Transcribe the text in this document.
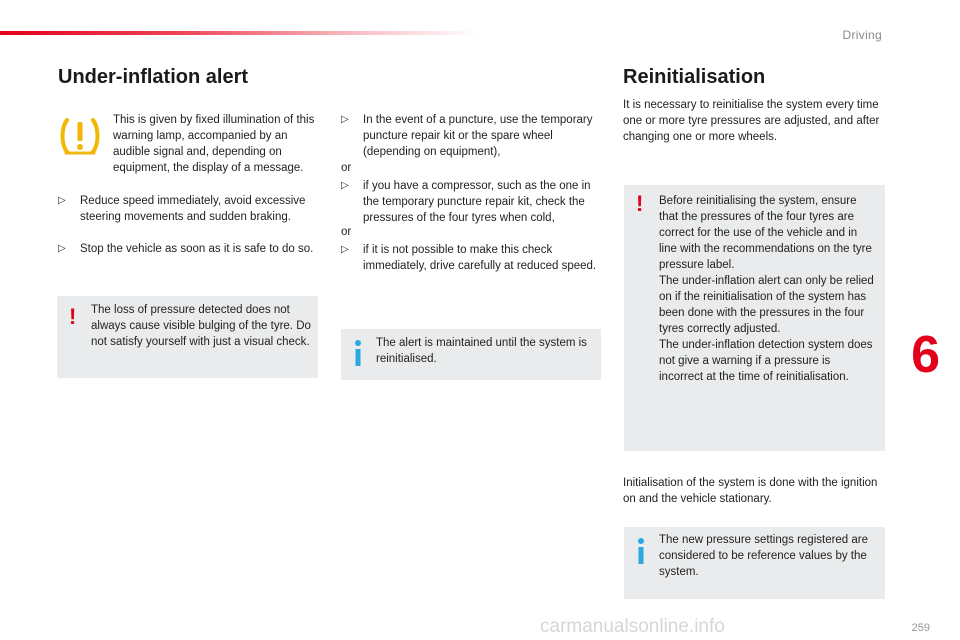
Driving
Under-inflation alert
This is given by fixed illumination of this warning lamp, accompanied by an audible signal and, depending on equipment, the display of a message.
▷	Reduce speed immediately, avoid excessive steering movements and sudden braking.
▷	Stop the vehicle as soon as it is safe to do so.
! The loss of pressure detected does not always cause visible bulging of the tyre. Do not satisfy yourself with just a visual check.
▷	In the event of a puncture, use the temporary puncture repair kit or the spare wheel (depending on equipment),
or
▷	if you have a compressor, such as the one in the temporary puncture repair kit, check the pressures of the four tyres when cold,
or
▷	if it is not possible to make this check immediately, drive carefully at reduced speed.
The alert is maintained until the system is reinitialised.
Reinitialisation
It is necessary to reinitialise the system every time one or more tyre pressures are adjusted, and after changing one or more wheels.
! Before reinitialising the system, ensure that the pressures of the four tyres are correct for the use of the vehicle and in line with the recommendations on the tyre pressure label.
The under-inflation alert can only be relied on if the reinitialisation of the system has been done with the pressures in the four tyres correctly adjusted.
The under-inflation detection system does not give a warning if a pressure is incorrect at the time of reinitialisation.
Initialisation of the system is done with the ignition on and the vehicle stationary.
The new pressure settings registered are considered to be reference values by the system.
6
259
carmanualsonline.info
